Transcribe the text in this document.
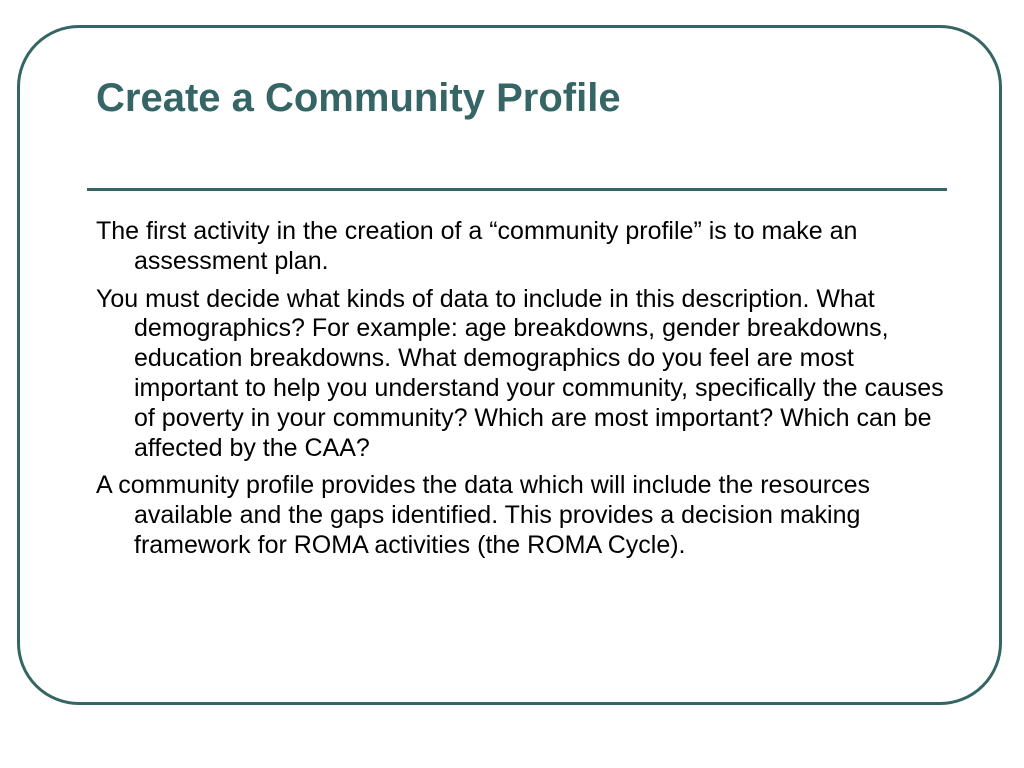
Create a Community Profile
The first activity in the creation of a “community profile” is to make an assessment plan.
You must decide what kinds of data to include in this description. What demographics? For example: age breakdowns, gender breakdowns, education breakdowns. What demographics do you feel are most important to help you understand your community, specifically the causes of poverty in your community? Which are most important? Which can be affected by the CAA?
A community profile provides the data which will include the resources available and the gaps identified. This provides a decision making framework for ROMA activities (the ROMA Cycle).
